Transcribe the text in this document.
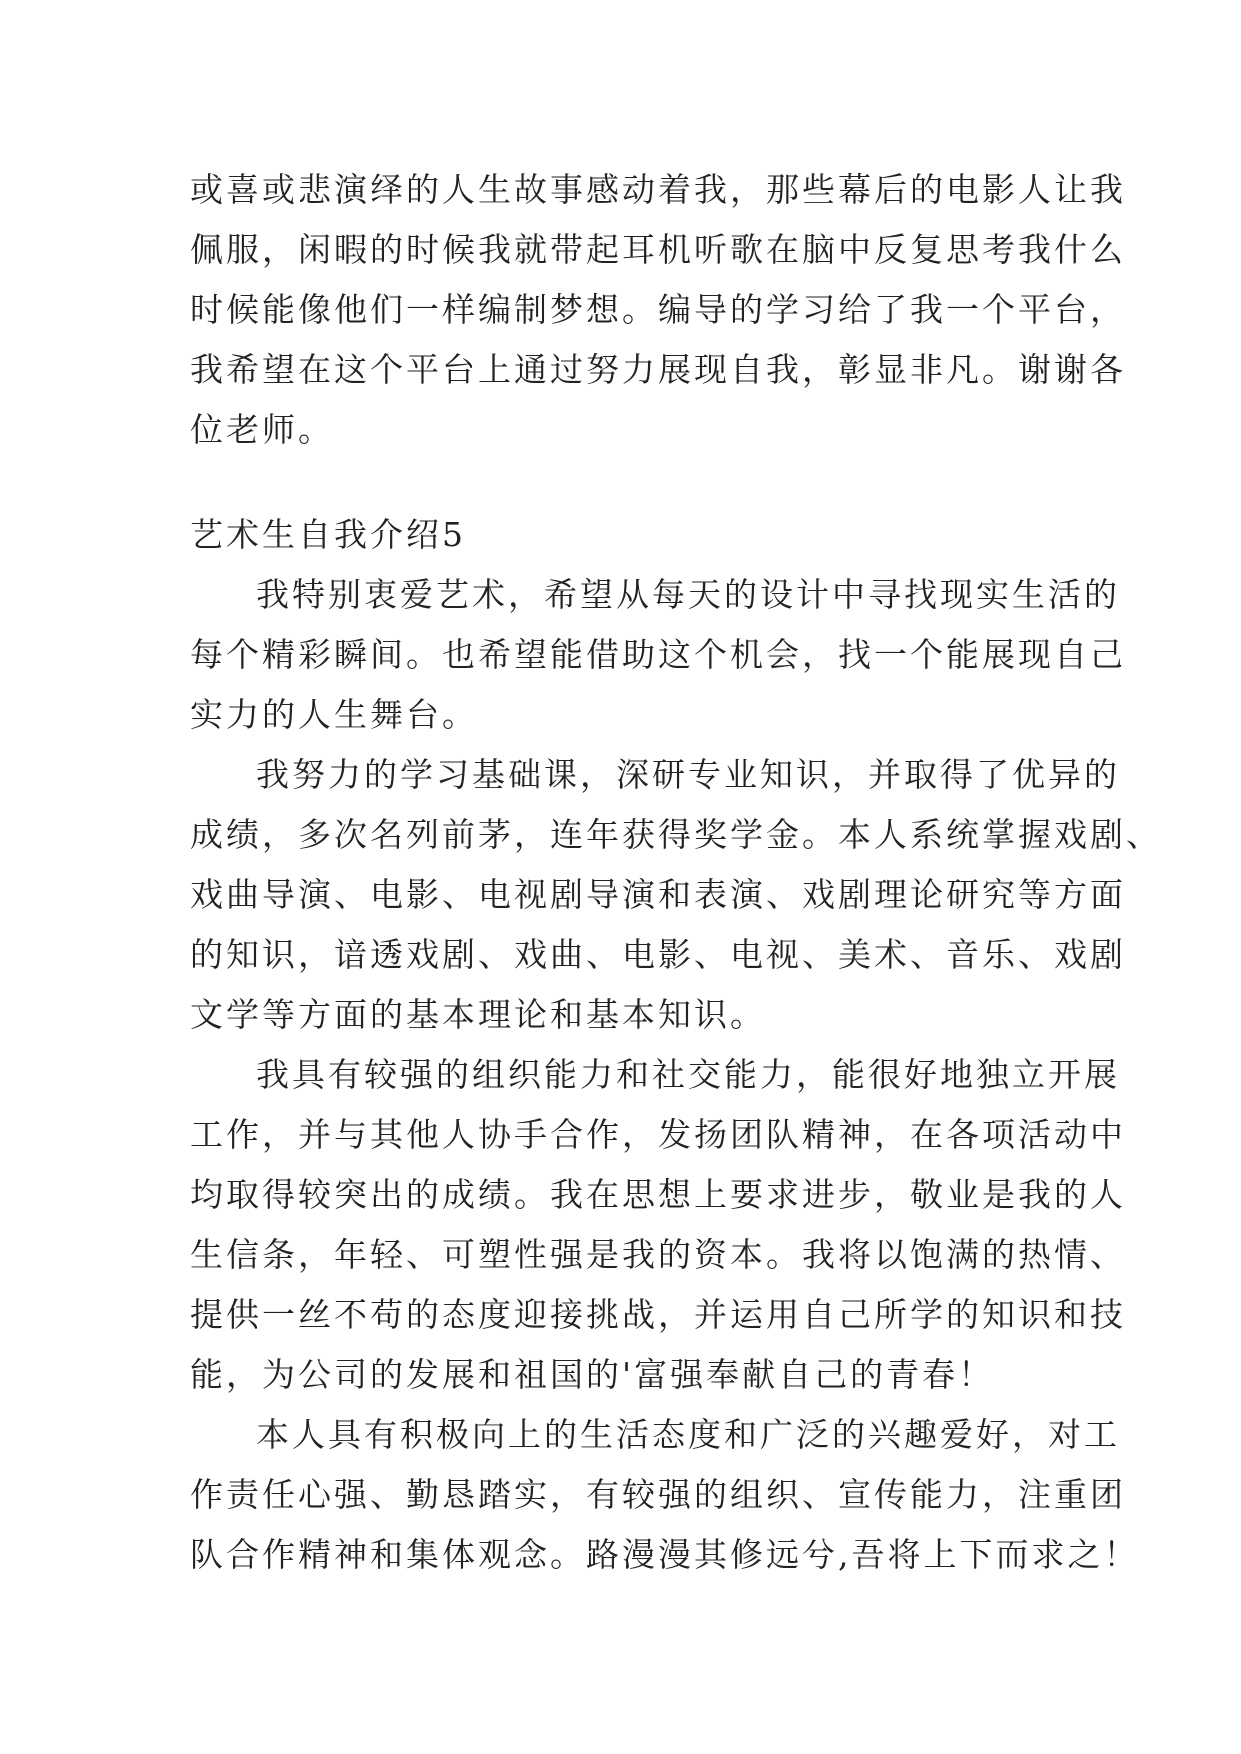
或喜或悲演绎的人生故事感动着我，那些幕后的电影人让我
佩服，闲暇的时候我就带起耳机听歌在脑中反复思考我什么
时候能像他们一样编制梦想。编导的学习给了我一个平台，
我希望在这个平台上通过努力展现自我，彰显非凡。谢谢各
位老师。

艺术生自我介绍5

我特别衷爱艺术，希望从每天的设计中寻找现实生活的
每个精彩瞬间。也希望能借助这个机会，找一个能展现自己
实力的人生舞台。

我努力的学习基础课，深研专业知识，并取得了优异的
成绩，多次名列前茅，连年获得奖学金。本人系统掌握戏剧、
戏曲导演、电影、电视剧导演和表演、戏剧理论研究等方面
的知识，谙透戏剧、戏曲、电影、电视、美术、音乐、戏剧
文学等方面的基本理论和基本知识。

我具有较强的组织能力和社交能力，能很好地独立开展
工作，并与其他人协手合作，发扬团队精神，在各项活动中
均取得较突出的成绩。我在思想上要求进步，敬业是我的人
生信条，年轻、可塑性强是我的资本。我将以饱满的热情、
提供一丝不苟的态度迎接挑战，并运用自己所学的知识和技
能，为公司的发展和祖国的'富强奉献自己的青春！

本人具有积极向上的生活态度和广泛的兴趣爱好，对工
作责任心强、勤恳踏实，有较强的组织、宣传能力，注重团
队合作精神和集体观念。路漫漫其修远兮,吾将上下而求之！
